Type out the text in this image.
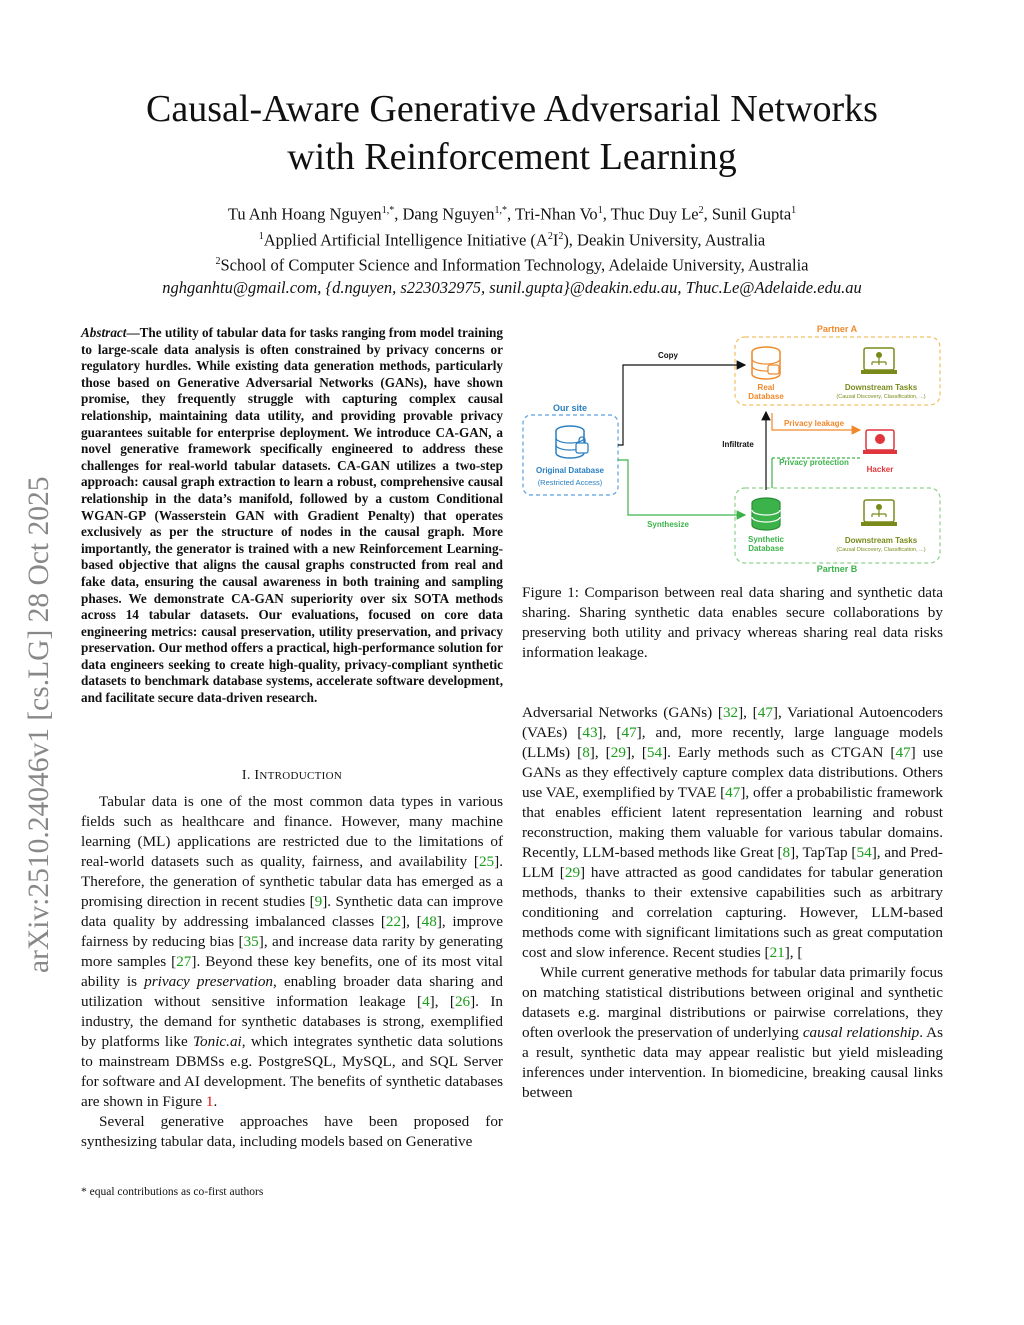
arXiv:2510.24046v1 [cs.LG] 28 Oct 2025
Causal-Aware Generative Adversarial Networks
with Reinforcement Learning
Tu Anh Hoang Nguyen$^{1,*}$, Dang Nguyen$^{1,*}$, Tri-Nhan Vo$^1$, Thuc Duy Le$^2$, Sunil Gupta$^1$
$^1$Applied Artificial Intelligence Initiative $(A^2I^2)$, Deakin University, Australia
$^2$School of Computer Science and Information Technology, Adelaide University, Australia
nghganhtu@gmail.com, {d.nguyen, s223032975, sunil.gupta}@deakin.edu.au, Thuc.Le@Adelaide.edu.au
Abstract—The utility of tabular data for tasks ranging from model training to large-scale data analysis is often constrained by privacy concerns or regulatory hurdles. While existing data generation methods, particularly those based on Generative Adversarial Networks (GANs), have shown promise, they frequently struggle with capturing complex causal relationship, maintaining data utility, and providing provable privacy guarantees suitable for enterprise deployment. We introduce CA-GAN, a novel generative framework specifically engineered to address these challenges for real-world tabular datasets. CA-GAN utilizes a two-step approach: causal graph extraction to learn a robust, comprehensive causal relationship in the data’s manifold, followed by a custom Conditional WGAN-GP (Wasserstein GAN with Gradient Penalty) that operates exclusively as per the structure of nodes in the causal graph. More importantly, the generator is trained with a new Reinforcement Learning-based objective that aligns the causal graphs constructed from real and fake data, ensuring the causal awareness in both training and sampling phases. We demonstrate CA-GAN superiority over six SOTA methods across 14 tabular datasets. Our evaluations, focused on core data engineering metrics: causal preservation, utility preservation, and privacy preservation. Our method offers a practical, high-performance solution for data engineers seeking to create high-quality, privacy-compliant synthetic datasets to benchmark database systems, accelerate software development, and facilitate secure data-driven research.
I. INTRODUCTION

Tabular data is one of the most common data types in various fields such as healthcare and finance. However, many machine learning (ML) applications are restricted due to the limitations of real-world datasets such as quality, fairness, and availability [25]. Therefore, the generation of synthetic tabular data has emerged as a promising direction in recent studies [9]. Synthetic data can improve data quality by addressing imbalanced classes [22], [48], improve fairness by reducing bias [35], and increase data rarity by generating more samples [27]. Beyond these key benefits, one of its most vital ability is privacy preservation, enabling broader data sharing and utilization without sensitive information leakage [4], [26]. In industry, the demand for synthetic databases is strong, exemplified by platforms like Tonic.ai, which integrates synthetic data solutions to mainstream DBMSs e.g. PostgreSQL, MySQL, and SQL Server for software and AI development. The benefits of synthetic databases are shown in Figure 1.

Several generative approaches have been proposed for synthesizing tabular data, including models based on Generative

* equal contributions as co-first authors
Partner A
Partner B
Our site
Original Database
(Restricted Access)
Real
Database
Downstream Tasks
(Causal Discovery, Classification, ...)
Downstream Tasks
(Causal Discovery, Classification, ...)
Synthetic
Database
Hacker
Copy
Synthesize
Infiltrate
Privacy leakage
Privacy protection
Figure 1: Comparison between real data sharing and synthetic data sharing. Sharing synthetic data enables secure collaborations by preserving both utility and privacy whereas sharing real data risks information leakage.

Adversarial Networks (GANs) [32], [47], Variational Autoencoders (VAEs) [43], [47], and, more recently, large language models (LLMs) [8], [29], [54]. Early methods such as CTGAN [47] use GANs as they effectively capture complex data distributions. Others use VAE, exemplified by TVAE [47], offer a probabilistic framework that enables efficient latent representation learning and robust reconstruction, making them valuable for various tabular domains. Recently, LLM-based methods like Great [8], TapTap [54], and Pred-LLM [29] have attracted as good candidates for tabular generation methods, thanks to their extensive capabilities such as arbitrary conditioning and correlation capturing. However, LLM-based methods come with significant limitations such as great computation cost and slow inference. Recent studies [21], [

While current generative methods for tabular data primarily focus on matching statistical distributions between original and synthetic datasets e.g. marginal distributions or pairwise correlations, they often overlook the preservation of underlying causal relationship. As a result, synthetic data may appear realistic but yield misleading inferences under intervention. In biomedicine, breaking causal links between
